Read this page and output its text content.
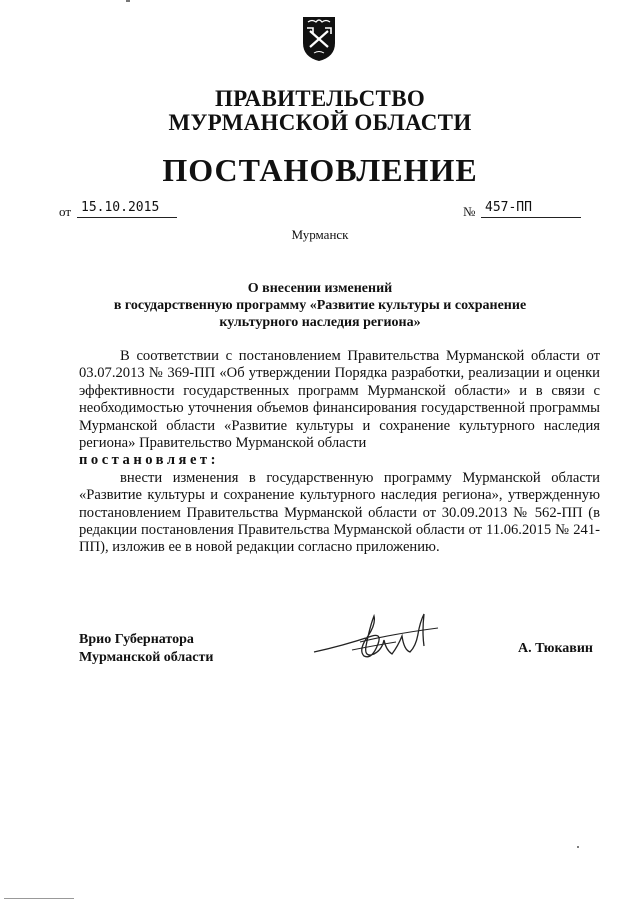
ПРАВИТЕЛЬСТВО
МУРМАНСКОЙ ОБЛАСТИ
ПОСТАНОВЛЕНИЕ
от 15.10.2015	№ 457-ПП
Мурманск
О внесении изменений
в государственную программу «Развитие культуры и сохранение
культурного наследия региона»

В соответствии с постановлением Правительства Мурманской области от 03.07.2013 № 369-ПП «Об утверждении Порядка разработки, реализации и оценки эффективности государственных программ Мурманской области» и в связи с необходимостью уточнения объемов финансирования государственной программы Мурманской области «Развитие культуры и сохранение культурного наследия региона» Правительство Мурманской области

постановляет:

внести изменения в государственную программу Мурманской области «Развитие культуры и сохранение культурного наследия региона», утвержденную постановлением Правительства Мурманской области от 30.09.2013 № 562-ПП (в редакции постановления Правительства Мурманской области от 11.06.2015 № 241-ПП), изложив ее в новой редакции согласно приложению.

Врио Губернатора
Мурманской области
А. Тюкавин
